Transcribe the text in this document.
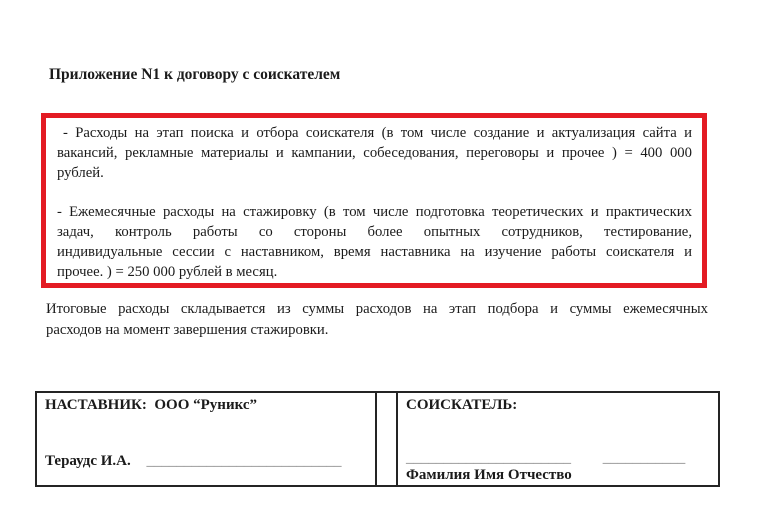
Приложение N1 к договору с соискателем
- Расходы на этап поиска и отбора соискателя (в том числе создание и актуализация сайта и
вакансий, рекламные материалы и кампании, собеседования, переговоры и прочее ) = 400 000
рублей.
- Ежемесячные расходы на стажировку (в том числе подготовка теоретических и практических
задач, контроль работы со стороны более опытных сотрудников, тестирование,
индивидуальные сессии с наставником, время наставника на изучение работы соискателя и
прочее. ) = 250 000 рублей в месяц.
Итоговые расходы складывается из суммы расходов на этап подбора и суммы ежемесячных
расходов на момент завершения стажировки.
НАСТАВНИК:  ООО “Руникс”
Тераудс И.А. __________________________

СОИСКАТЕЛЬ:
______________________ ___________
Фамилия Имя Отчество
